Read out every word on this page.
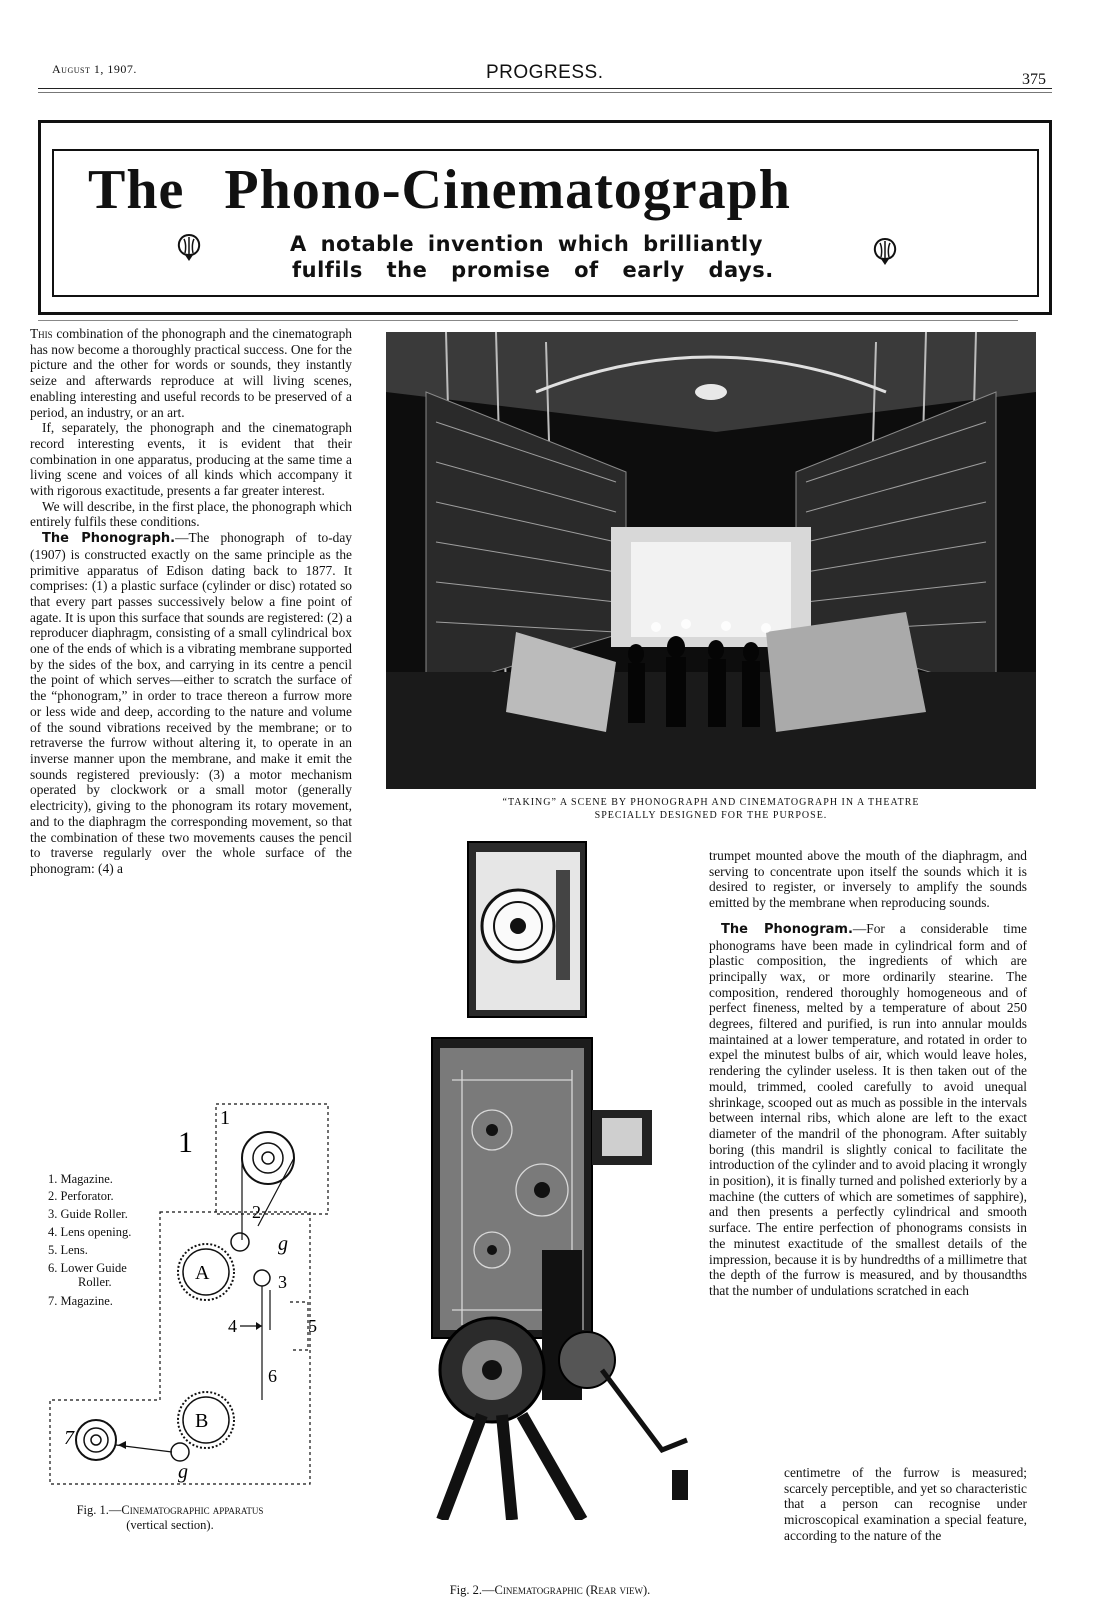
August 1, 1907.	PROGRESS.	375
The Phono-Cinematograph
A notable invention which brilliantly
fulfils the promise of early days.

This combination of the phonograph and the cinematograph has now become a thoroughly practical success. One for the picture and the other for words or sounds, they instantly seize and afterwards reproduce at will living scenes, enabling interesting and useful records to be preserved of a period, an industry, or an art.

If, separately, the phonograph and the cinematograph record interesting events, it is evident that their combination in one apparatus, producing at the same time a living scene and voices of all kinds which accompany it with rigorous exactitude, presents a far greater interest.

We will describe, in the first place, the phonograph which entirely fulfils these conditions.

The Phonograph.—The phonograph of to-day (1907) is constructed exactly on the same principle as the primitive apparatus of Edison dating back to 1877. It comprises: (1) a plastic surface (cylinder or disc) rotated so that every part passes successively below a fine point of agate. It is upon this surface that sounds are registered: (2) a reproducer diaphragm, consisting of a small cylindrical box one of the ends of which is a vibrating membrane supported by the sides of the box, and carrying in its centre a pencil the point of which serves—either to scratch the surface of the “phonogram,” in order to trace thereon a furrow more or less wide and deep, according to the nature and volume of the sound vibrations received by the membrane; or to retraverse the furrow without altering it, to operate in an inverse manner upon the membrane, and make it emit the sounds registered previously: (3) a motor mechanism operated by clockwork or a small motor (generally electricity), giving to the phonogram its rotary movement, and to the diaphragm the corresponding movement, so that the combination of these two movements causes the pencil to traverse regularly over the whole surface of the phonogram: (4) a

“TAKING” A SCENE BY PHONOGRAPH AND CINEMATOGRAPH IN A THEATRE
SPECIALLY DESIGNED FOR THE PURPOSE.
Fig. 2.—Cinematographic (Rear view).

trumpet mounted above the mouth of the diaphragm, and serving to concentrate upon itself the sounds which it is desired to register, or inversely to amplify the sounds emitted by the membrane when reproducing sounds.

The Phonogram.—For a considerable time phonograms have been made in cylindrical form and of plastic composition, the ingredients of which are principally wax, or more ordinarily stearine. The composition, rendered thoroughly homogeneous and of perfect fineness, melted by a temperature of about 250 degrees, filtered and purified, is run into annular moulds maintained at a lower temperature, and rotated in order to expel the minutest bulbs of air, which would leave holes, rendering the cylinder useless. It is then taken out of the mould, trimmed, cooled carefully to avoid unequal shrinkage, scooped out as much as possible in the intervals between internal ribs, which alone are left to the exact diameter of the mandril of the phonogram. After suitably boring (this mandril is slightly conical to facilitate the introduction of the cylinder and to avoid placing it wrongly in position), it is finally turned and polished exteriorly by a machine (the cutters of which are sometimes of sapphire), and then presents a perfectly cylindrical and smooth surface. The entire perfection of phonograms consists in the minutest exactitude of the smallest details of the impression, because it is by hundredths of a millimetre that the depth of the furrow is measured, and by thousandths that the number of undulations scratched in each

centimetre of the furrow is measured; scarcely perceptible, and yet so characteristic that a person can recognise under microscopical examination a special feature, according to the nature of the

1
1
2
g
A	3
4	5
6
B
7
g
1. Magazine.
2. Perforator.
3. Guide Roller.
4. Lens opening.
5. Lens.
6. Lower Guide
Roller.
7. Magazine.
Fig. 1.—Cinematographic apparatus
(vertical section).
